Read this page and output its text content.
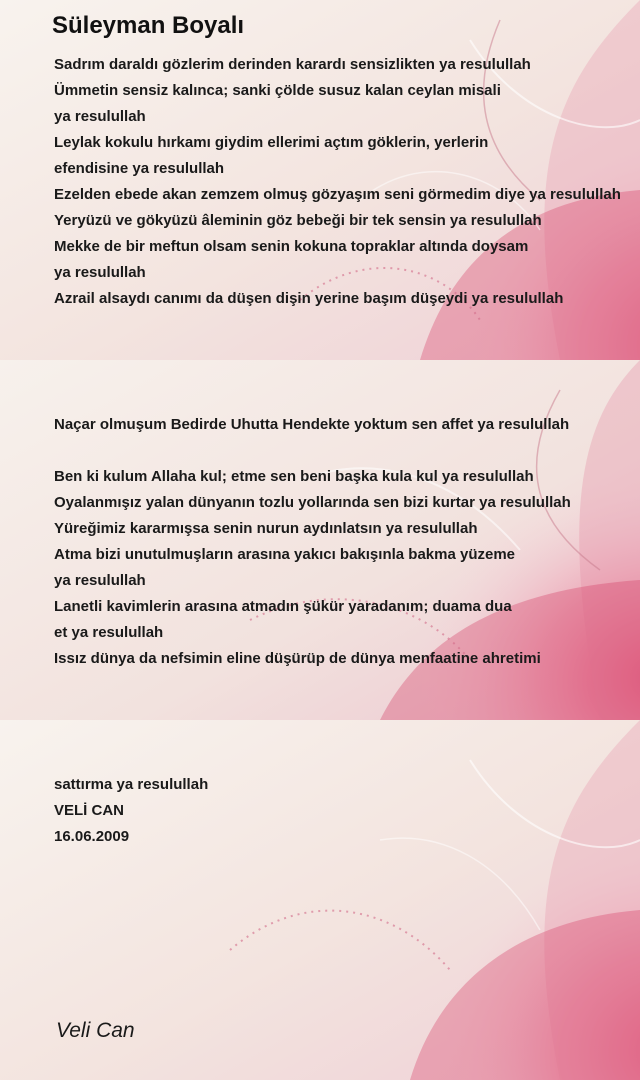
Süleyman Boyalı
Sadrım daraldı gözlerim derinden karardı sensizlikten ya resulullah
Ümmetin sensiz kalınca; sanki çölde susuz kalan ceylan misali
ya resulullah
Leylak kokulu hırkamı giydim ellerimi açtım göklerin, yerlerin
efendisine ya resulullah
Ezelden ebede akan zemzem olmuş gözyaşım seni görmedim diye ya resulullah
Yeryüzü ve gökyüzü âleminin göz bebeği bir tek sensin ya resulullah
Mekke de bir meftun olsam senin kokuna topraklar altında doysam
ya resulullah
Azrail alsaydı canımı da düşen dişin yerine başım düşeydi ya resulullah
Naçar olmuşum Bedirde Uhutta Hendekte yoktum sen affet ya resulullah
Ben ki kulum Allaha kul; etme sen beni başka kula kul ya resulullah
Oyalanmışız yalan dünyanın tozlu yollarında sen bizi kurtar ya resulullah
Yüreğimiz kararmışsa senin nurun aydınlatsın ya resulullah
Atma bizi unutulmuşların arasına yakıcı bakışınla bakma yüzeme
ya resulullah
Lanetli kavimlerin arasına atmadın şükür yaradanım; duama dua
et ya resulullah
Issız dünya da nefsimin eline düşürüp de dünya menfaatine ahretimi
sattırma ya resulullah
VELİ CAN
16.06.2009
Veli Can
